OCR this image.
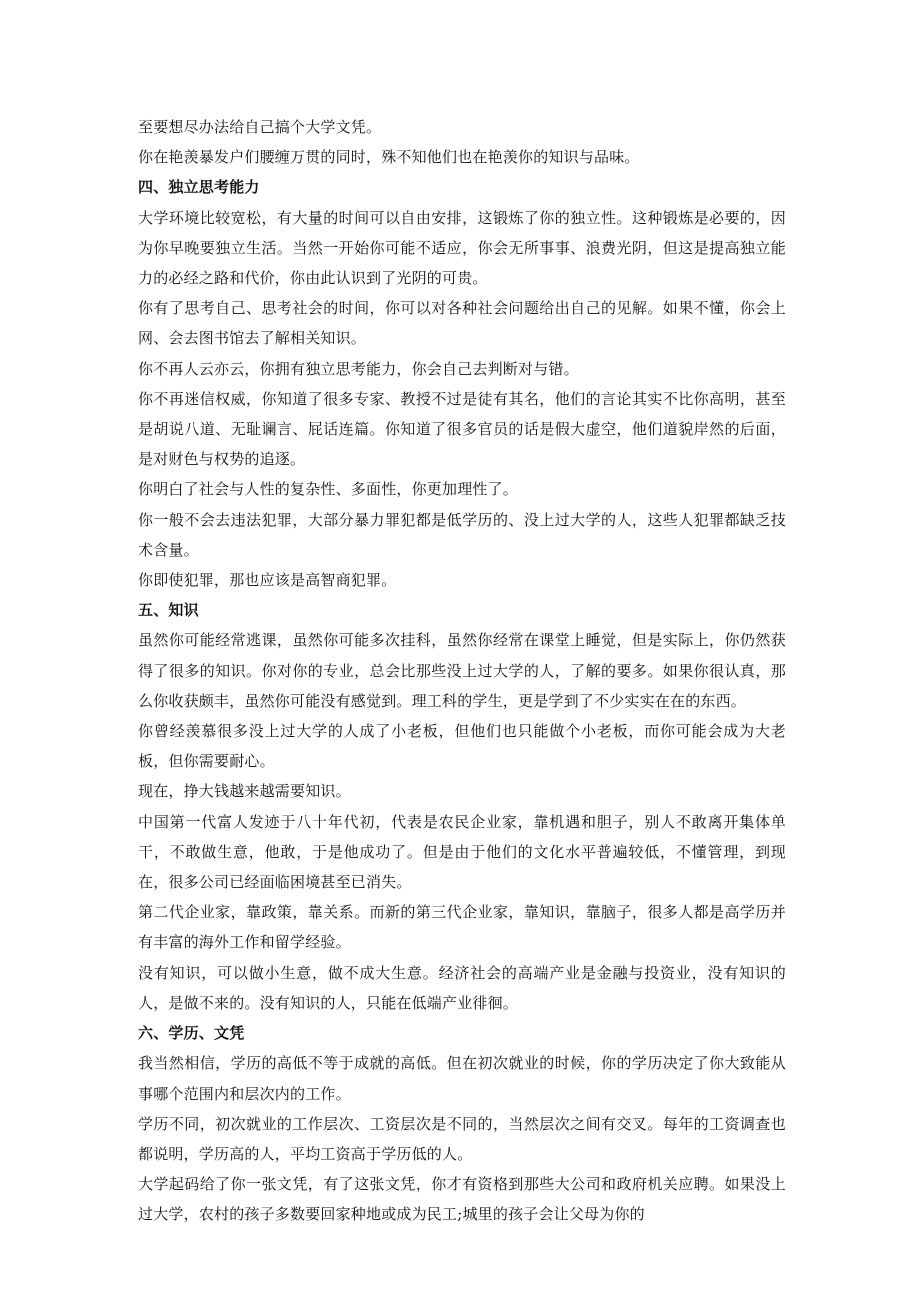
至要想尽办法给自己搞个大学文凭。

你在艳羡暴发户们腰缠万贯的同时，殊不知他们也在艳羡你的知识与品味。

四、独立思考能力

大学环境比较宽松，有大量的时间可以自由安排，这锻炼了你的独立性。这种锻炼是必要的，因为你早晚要独立生活。当然一开始你可能不适应，你会无所事事、浪费光阴，但这是提高独立能力的必经之路和代价，你由此认识到了光阴的可贵。

你有了思考自己、思考社会的时间，你可以对各种社会问题给出自己的见解。如果不懂，你会上网、会去图书馆去了解相关知识。

你不再人云亦云，你拥有独立思考能力，你会自己去判断对与错。

你不再迷信权威，你知道了很多专家、教授不过是徒有其名，他们的言论其实不比你高明，甚至是胡说八道、无耻谰言、屁话连篇。你知道了很多官员的话是假大虚空，他们道貌岸然的后面，是对财色与权势的追逐。

你明白了社会与人性的复杂性、多面性，你更加理性了。

你一般不会去违法犯罪，大部分暴力罪犯都是低学历的、没上过大学的人，这些人犯罪都缺乏技术含量。

你即使犯罪，那也应该是高智商犯罪。

五、知识

虽然你可能经常逃课，虽然你可能多次挂科，虽然你经常在课堂上睡觉，但是实际上，你仍然获得了很多的知识。你对你的专业，总会比那些没上过大学的人，了解的要多。如果你很认真，那么你收获颇丰，虽然你可能没有感觉到。理工科的学生，更是学到了不少实实在在的东西。

你曾经羡慕很多没上过大学的人成了小老板，但他们也只能做个小老板，而你可能会成为大老板，但你需要耐心。

现在，挣大钱越来越需要知识。

中国第一代富人发迹于八十年代初，代表是农民企业家，靠机遇和胆子，别人不敢离开集体单干，不敢做生意，他敢，于是他成功了。但是由于他们的文化水平普遍较低，不懂管理，到现在，很多公司已经面临困境甚至已消失。

第二代企业家，靠政策，靠关系。而新的第三代企业家，靠知识，靠脑子，很多人都是高学历并有丰富的海外工作和留学经验。

没有知识，可以做小生意，做不成大生意。经济社会的高端产业是金融与投资业，没有知识的人，是做不来的。没有知识的人，只能在低端产业徘徊。

六、学历、文凭

我当然相信，学历的高低不等于成就的高低。但在初次就业的时候，你的学历决定了你大致能从事哪个范围内和层次内的工作。

学历不同，初次就业的工作层次、工资层次是不同的，当然层次之间有交叉。每年的工资调查也都说明，学历高的人，平均工资高于学历低的人。

大学起码给了你一张文凭，有了这张文凭，你才有资格到那些大公司和政府机关应聘。如果没上过大学，农村的孩子多数要回家种地或成为民工;城里的孩子会让父母为你的
